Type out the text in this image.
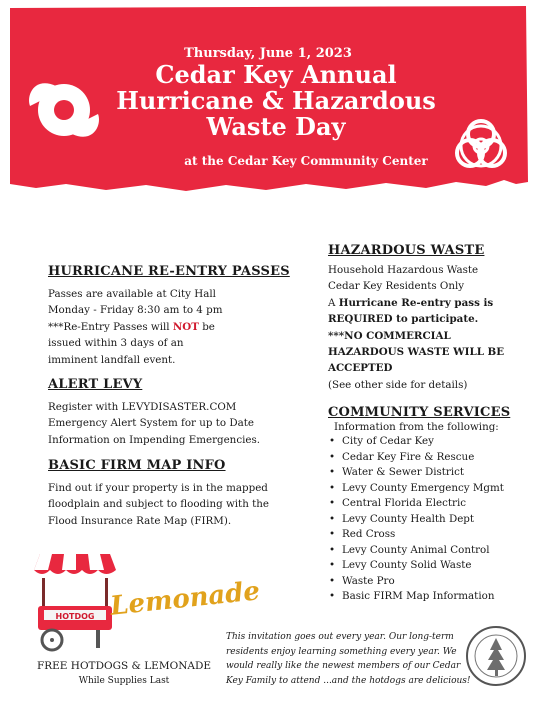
Thursday, June 1, 2023
Cedar Key Annual
Hurricane & Hazardous
Waste Day
at the Cedar Key Community Center
HURRICANE RE-ENTRY PASSES
Passes are available at City Hall
Monday - Friday 8:30 am to 4 pm
***Re-Entry Passes will NOT be
issued within 3 days of an
imminent landfall event.
ALERT LEVY
Register with LEVYDISASTER.COM
Emergency Alert System for up to Date
Information on Impending Emergencies.
BASIC FIRM MAP INFO
Find out if your property is in the mapped
floodplain and subject to flooding with the
Flood Insurance Rate Map (FIRM).
HAZARDOUS WASTE
Household Hazardous Waste
Cedar Key Residents Only
A Hurricane Re-entry pass is
REQUIRED to participate.
***NO COMMERCIAL
HAZARDOUS WASTE WILL BE
ACCEPTED
(See other side for details)
COMMUNITY SERVICES
Information from the following:
• City of Cedar Key
• Cedar Key Fire & Rescue
• Water & Sewer District
• Levy County Emergency Mgmt
• Central Florida Electric
• Levy County Health Dept
• Red Cross
• Levy County Animal Control
• Levy County Solid Waste
• Waste Pro
• Basic FIRM Map Information
HOTDOG Lemonade
FREE HOTDOGS & LEMONADE
While Supplies Last
This invitation goes out every year. Our long-term
residents enjoy learning something every year. We
would really like the newest members of our Cedar
Key Family to attend ...and the hotdogs are delicious!
